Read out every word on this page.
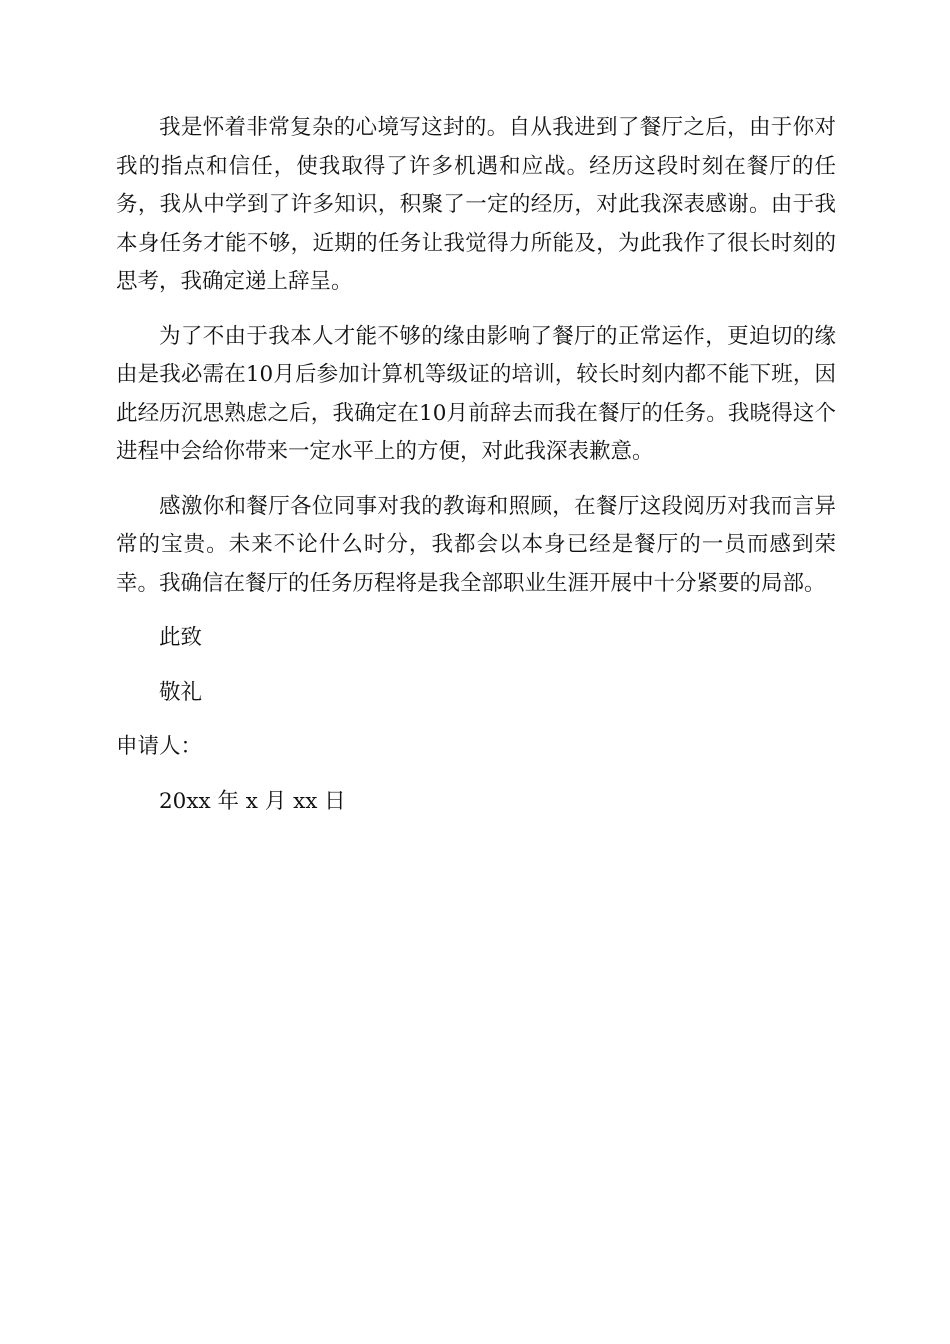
我是怀着非常复杂的心境写这封的。自从我进到了餐厅之后，由于你对我的指点和信任，使我取得了许多机遇和应战。经历这段时刻在餐厅的任务，我从中学到了许多知识，积聚了一定的经历，对此我深表感谢。由于我本身任务才能不够，近期的任务让我觉得力所能及，为此我作了很长时刻的思考，我确定递上辞呈。

为了不由于我本人才能不够的缘由影响了餐厅的正常运作，更迫切的缘由是我必需在10月后参加计算机等级证的培训，较长时刻内都不能下班，因此经历沉思熟虑之后，我确定在10月前辞去而我在餐厅的任务。我晓得这个进程中会给你带来一定水平上的方便，对此我深表歉意。

感激你和餐厅各位同事对我的教诲和照顾，在餐厅这段阅历对我而言异常的宝贵。未来不论什么时分，我都会以本身已经是餐厅的一员而感到荣幸。我确信在餐厅的任务历程将是我全部职业生涯开展中十分紧要的局部。

此致
敬礼
申请人：
20xx 年 x 月 xx 日
